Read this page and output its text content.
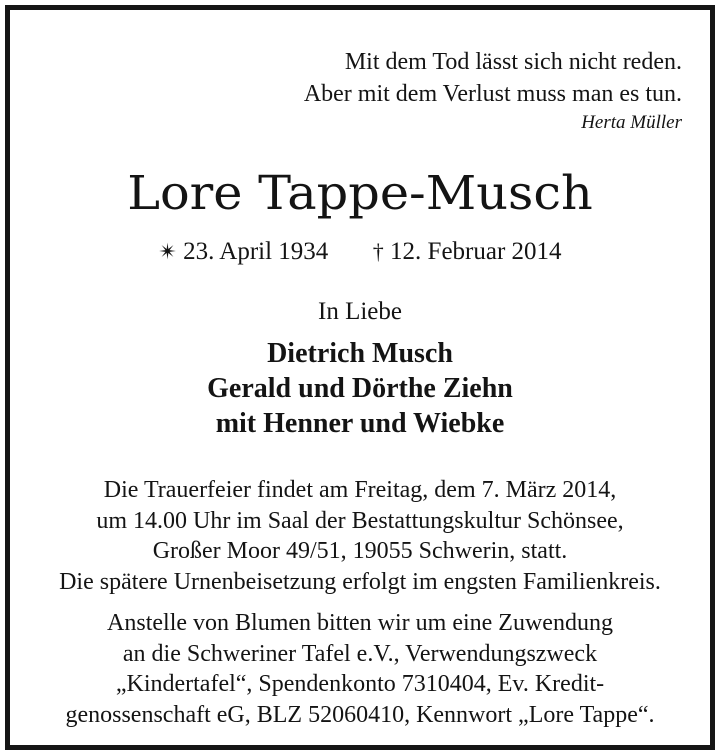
Mit dem Tod lässt sich nicht reden.
Aber mit dem Verlust muss man es tun.
Herta Müller
Lore Tappe-Musch
✴ 23. April 1934 † 12. Februar 2014
In Liebe
Dietrich Musch
Gerald und Dörthe Ziehn
mit Henner und Wiebke
Die Trauerfeier findet am Freitag, dem 7. März 2014,
um 14.00 Uhr im Saal der Bestattungskultur Schönsee,
Großer Moor 49/51, 19055 Schwerin, statt.
Die spätere Urnenbeisetzung erfolgt im engsten Familienkreis.
Anstelle von Blumen bitten wir um eine Zuwendung
an die Schweriner Tafel e.V., Verwendungszweck
„Kindertafel“, Spendenkonto 7310404, Ev. Kredit-
genossenschaft eG, BLZ 52060410, Kennwort „Lore Tappe“.
